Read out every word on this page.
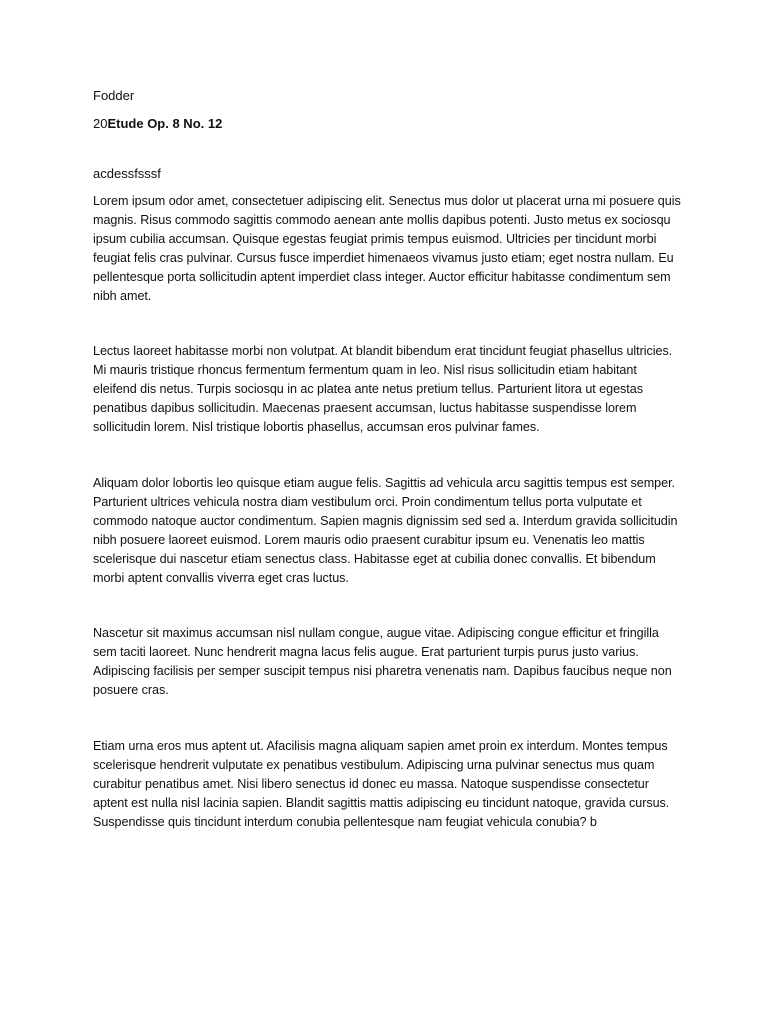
Fodder

20Etude Op. 8 No. 12

acdessfsssf

Lorem ipsum odor amet, consectetuer adipiscing elit. Senectus mus dolor ut placerat urna mi posuere quis magnis. Risus commodo sagittis commodo aenean ante mollis dapibus potenti. Justo metus ex sociosqu ipsum cubilia accumsan. Quisque egestas feugiat primis tempus euismod. Ultricies per tincidunt morbi feugiat felis cras pulvinar. Cursus fusce imperdiet himenaeos vivamus justo etiam; eget nostra nullam. Eu pellentesque porta sollicitudin aptent imperdiet class integer. Auctor efficitur habitasse condimentum sem nibh amet.

Lectus laoreet habitasse morbi non volutpat. At blandit bibendum erat tincidunt feugiat phasellus ultricies. Mi mauris tristique rhoncus fermentum fermentum quam in leo. Nisl risus sollicitudin etiam habitant eleifend dis netus. Turpis sociosqu in ac platea ante netus pretium tellus. Parturient litora ut egestas penatibus dapibus sollicitudin. Maecenas praesent accumsan, luctus habitasse suspendisse lorem sollicitudin lorem. Nisl tristique lobortis phasellus, accumsan eros pulvinar fames.

Aliquam dolor lobortis leo quisque etiam augue felis. Sagittis ad vehicula arcu sagittis tempus est semper. Parturient ultrices vehicula nostra diam vestibulum orci. Proin condimentum tellus porta vulputate et commodo natoque auctor condimentum. Sapien magnis dignissim sed sed a. Interdum gravida sollicitudin nibh posuere laoreet euismod. Lorem mauris odio praesent curabitur ipsum eu. Venenatis leo mattis scelerisque dui nascetur etiam senectus class. Habitasse eget at cubilia donec convallis. Et bibendum morbi aptent convallis viverra eget cras luctus.

Nascetur sit maximus accumsan nisl nullam congue, augue vitae. Adipiscing congue efficitur et fringilla sem taciti laoreet. Nunc hendrerit magna lacus felis augue. Erat parturient turpis purus justo varius. Adipiscing facilisis per semper suscipit tempus nisi pharetra venenatis nam. Dapibus faucibus neque non posuere cras.

Etiam urna eros mus aptent ut. Afacilisis magna aliquam sapien amet proin ex interdum. Montes tempus scelerisque hendrerit vulputate ex penatibus vestibulum. Adipiscing urna pulvinar senectus mus quam curabitur penatibus amet. Nisi libero senectus id donec eu massa. Natoque suspendisse consectetur aptent est nulla nisl lacinia sapien. Blandit sagittis mattis adipiscing eu tincidunt natoque, gravida cursus. Suspendisse quis tincidunt interdum conubia pellentesque nam feugiat vehicula conubia? b
